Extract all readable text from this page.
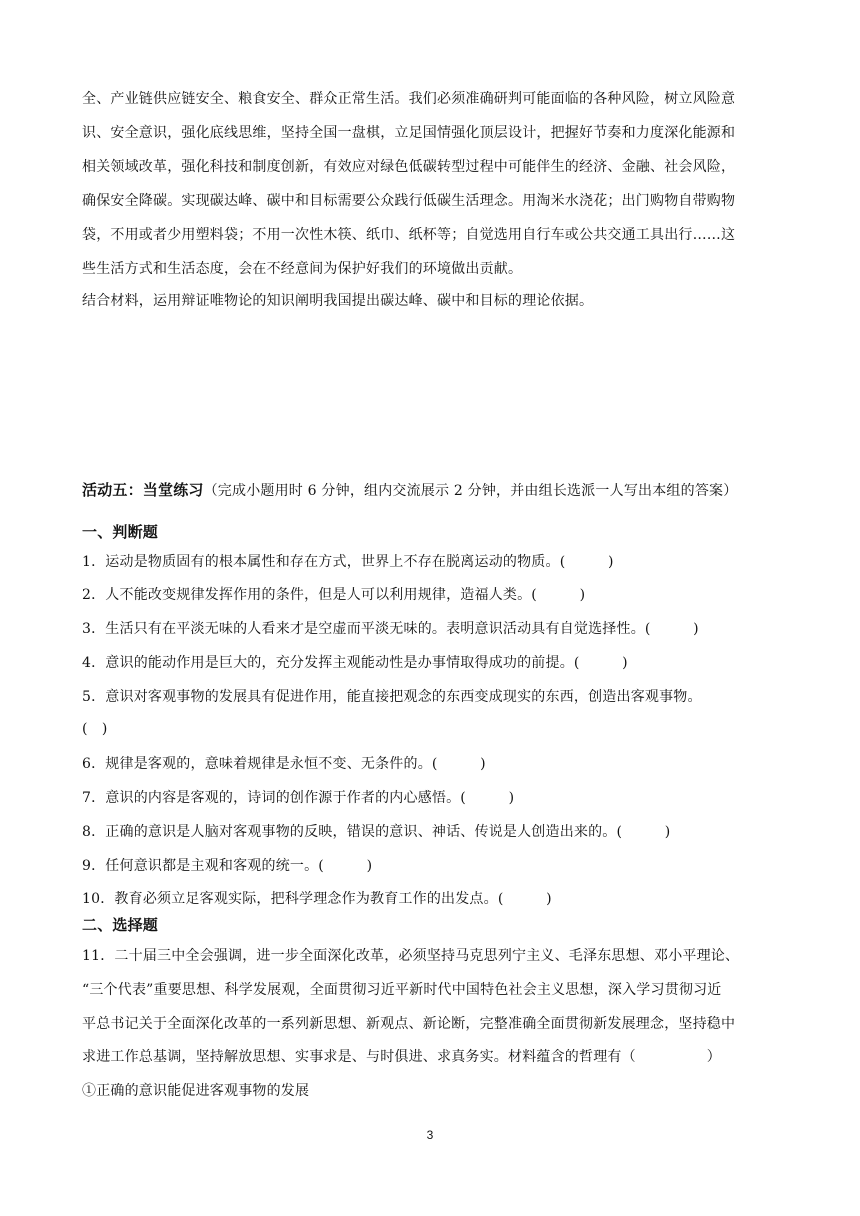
全、产业链供应链安全、粮食安全、群众正常生活。我们必须准确研判可能面临的各种风险，树立风险意
识、安全意识，强化底线思维，坚持全国一盘棋，立足国情强化顶层设计，把握好节奏和力度深化能源和
相关领域改革，强化科技和制度创新，有效应对绿色低碳转型过程中可能伴生的经济、金融、社会风险，
确保安全降碳。实现碳达峰、碳中和目标需要公众践行低碳生活理念。用淘米水浇花；出门购物自带购物
袋，不用或者少用塑料袋；不用一次性木筷、纸巾、纸杯等；自觉选用自行车或公共交通工具出行……这
些生活方式和生活态度，会在不经意间为保护好我们的环境做出贡献。
结合材料，运用辩证唯物论的知识阐明我国提出碳达峰、碳中和目标的理论依据。
活动五：当堂练习（完成小题用时 6 分钟，组内交流展示 2 分钟，并由组长选派一人写出本组的答案）
一、判断题
1．运动是物质固有的根本属性和存在方式，世界上不存在脱离运动的物质。(　　　)
2．人不能改变规律发挥作用的条件，但是人可以利用规律，造福人类。(　　　)
3．生活只有在平淡无味的人看来才是空虚而平淡无味的。表明意识活动具有自觉选择性。(　　　)
4．意识的能动作用是巨大的，充分发挥主观能动性是办事情取得成功的前提。(　　　)
5．意识对客观事物的发展具有促进作用，能直接把观念的东西变成现实的东西，创造出客观事物。
(　)
6．规律是客观的，意味着规律是永恒不变、无条件的。(　　　)
7．意识的内容是客观的，诗词的创作源于作者的内心感悟。(　　　)
8．正确的意识是人脑对客观事物的反映，错误的意识、神话、传说是人创造出来的。(　　　)
9．任何意识都是主观和客观的统一。(　　　)
10．教育必须立足客观实际，把科学理念作为教育工作的出发点。(　　　)
二、选择题
11．二十届三中全会强调，进一步全面深化改革，必须坚持马克思列宁主义、毛泽东思想、邓小平理论、
“三个代表”重要思想、科学发展观，全面贯彻习近平新时代中国特色社会主义思想，深入学习贯彻习近
平总书记关于全面深化改革的一系列新思想、新观点、新论断，完整准确全面贯彻新发展理念，坚持稳中
求进工作总基调，坚持解放思想、实事求是、与时俱进、求真务实。材料蕴含的哲理有（　　　　　）
①正确的意识能促进客观事物的发展
3
